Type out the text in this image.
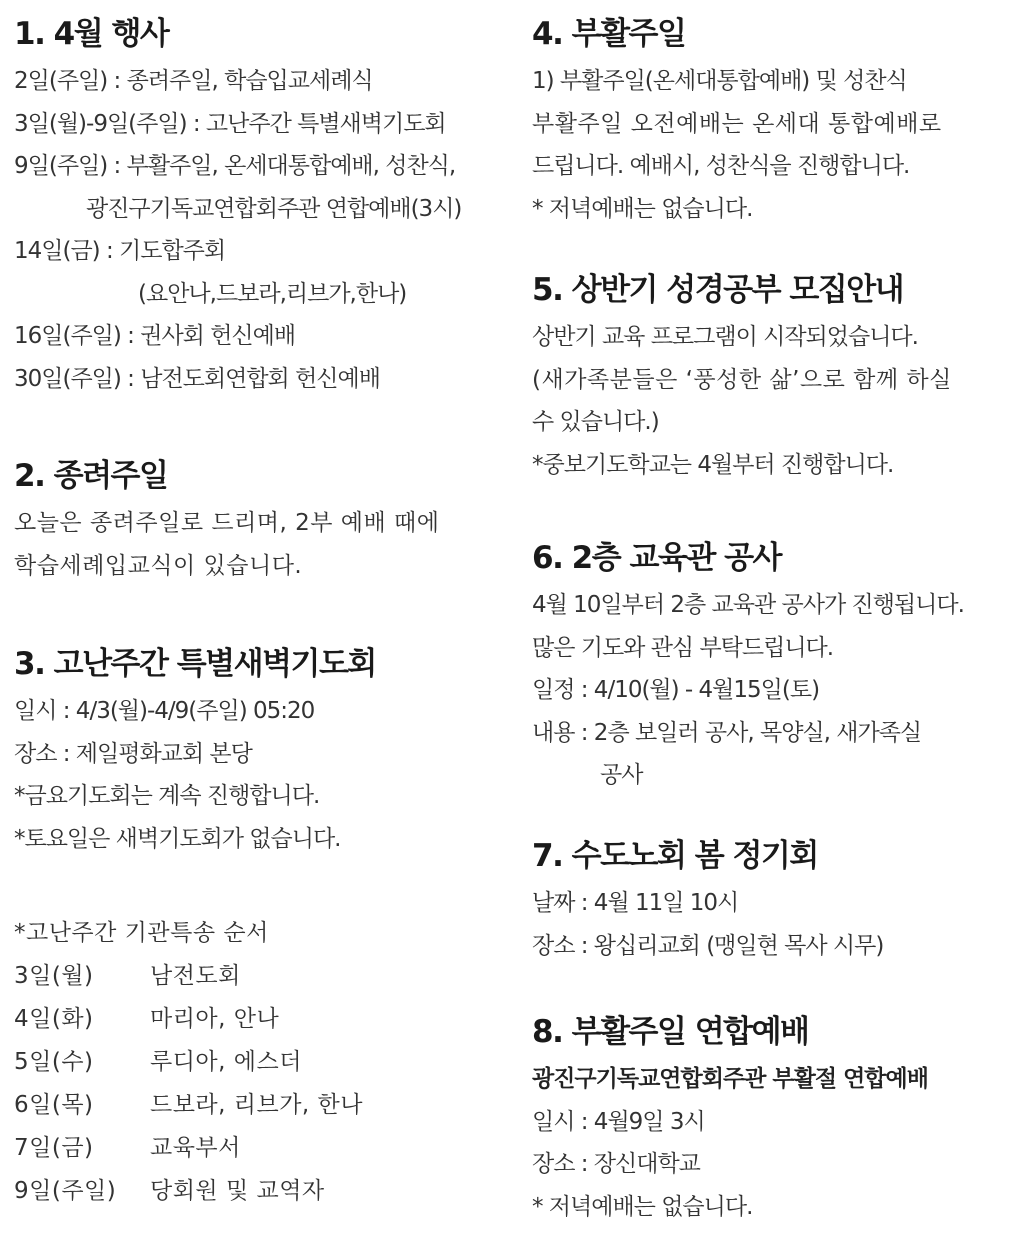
1. 4월 행사
2일(주일) : 종려주일, 학습입교세례식
3일(월)-9일(주일) : 고난주간 특별새벽기도회
9일(주일) : 부활주일, 온세대통합예배, 성찬식,
광진구기독교연합회주관 연합예배(3시)
14일(금) : 기도합주회
(요안나,드보라,리브가,한나)
16일(주일) : 권사회 헌신예배
30일(주일) : 남전도회연합회 헌신예배
2. 종려주일
오늘은 종려주일로 드리며, 2부 예배 때에
학습세례입교식이 있습니다.
3. 고난주간 특별새벽기도회
일시 : 4/3(월)-4/9(주일) 05:20
장소 : 제일평화교회 본당
*금요기도회는 계속 진행합니다.
*토요일은 새벽기도회가 없습니다.
*고난주간 기관특송 순서
3일(월)	남전도회
4일(화)	마리아, 안나
5일(수)	루디아, 에스더
6일(목)	드보라, 리브가, 한나
7일(금)	교육부서
9일(주일)	당회원 및 교역자
4. 부활주일
1) 부활주일(온세대통합예배) 및 성찬식
부활주일 오전예배는 온세대 통합예배로
드립니다. 예배시, 성찬식을 진행합니다.
* 저녁예배는 없습니다.
5. 상반기 성경공부 모집안내
상반기 교육 프로그램이 시작되었습니다.
(새가족분들은 ‘풍성한 삶’으로 함께 하실
수 있습니다.)
*중보기도학교는 4월부터 진행합니다.
6. 2층 교육관 공사
4월 10일부터 2층 교육관 공사가 진행됩니다.
많은 기도와 관심 부탁드립니다.
일정 : 4/10(월) - 4월15일(토)
내용 : 2층 보일러 공사, 목양실, 새가족실
공사
7. 수도노회 봄 정기회
날짜 : 4월 11일 10시
장소 : 왕십리교회 (맹일현 목사 시무)
8. 부활주일 연합예배
광진구기독교연합회주관 부활절 연합예배
일시 : 4월9일 3시
장소 : 장신대학교
* 저녁예배는 없습니다.
